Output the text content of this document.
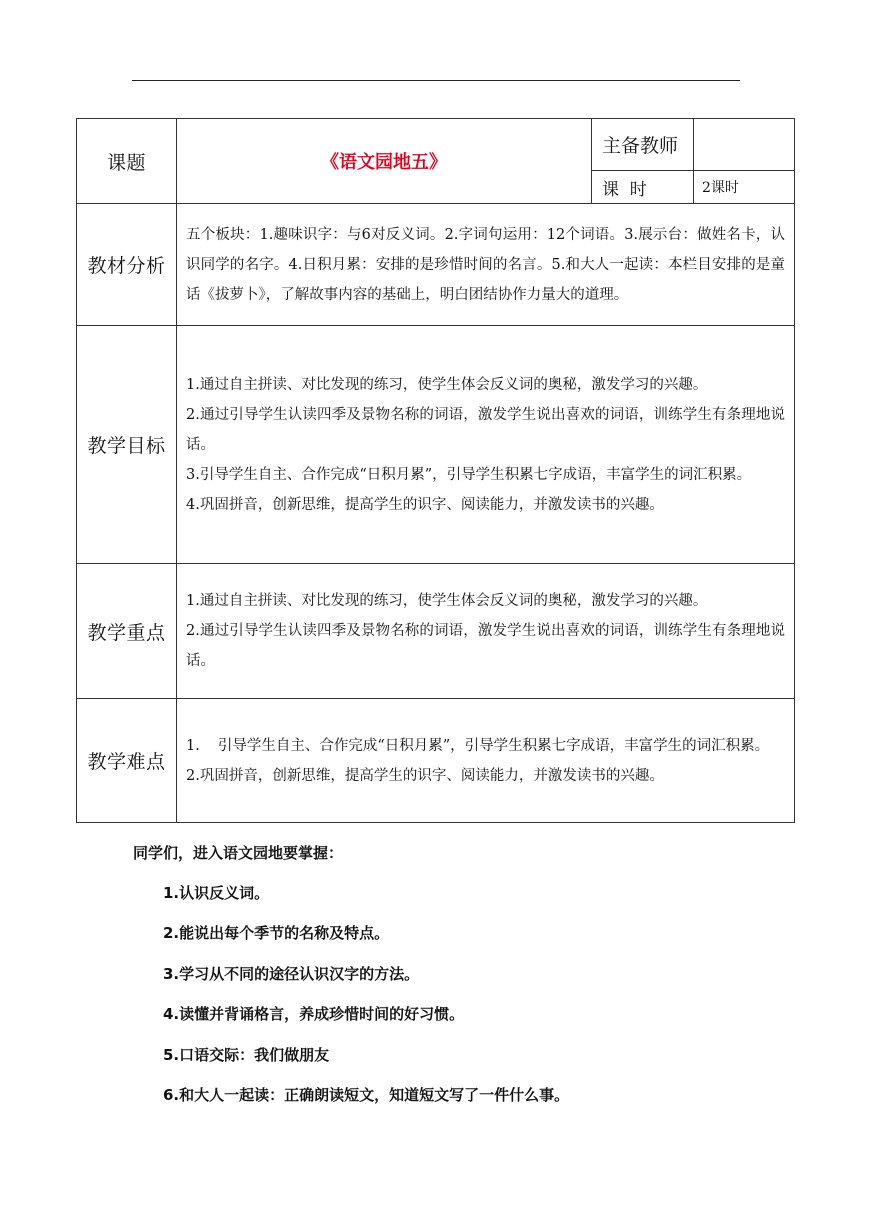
课题	《语文园地五》	主备教师	
		课  时	2课时
教材分析	五个板块：1.趣味识字：与6对反义词。2.字词句运用：12个词语。3.展示台：做姓名卡，认识同学的名字。4.日积月累：安排的是珍惜时间的名言。5.和大人一起读：本栏目安排的是童话《拔萝卜》，了解故事内容的基础上，明白团结协作力量大的道理。		
教学目标	1.通过自主拼读、对比发现的练习，使学生体会反义词的奥秘，激发学习的兴趣。

2.通过引导学生认读四季及景物名称的词语，激发学生说出喜欢的词语，训练学生有条理地说话。

3.引导学生自主、合作完成“日积月累”，引导学生积累七字成语，丰富学生的词汇积累。

4.巩固拼音，创新思维，提高学生的识字、阅读能力，并激发读书的兴趣。		

教学重点	1.通过自主拼读、对比发现的练习，使学生体会反义词的奥秘，激发学习的兴趣。

2.通过引导学生认读四季及景物名称的词语，激发学生说出喜欢的词语，训练学生有条理地说话。		

教学难点	1. 引导学生自主、合作完成“日积月累”，引导学生积累七字成语，丰富学生的词汇积累。

2.巩固拼音，创新思维，提高学生的识字、阅读能力，并激发读书的兴趣。		

同学们，进入语文园地要掌握：

1.认识反义词。

2.能说出每个季节的名称及特点。

3.学习从不同的途径认识汉字的方法。

4.读懂并背诵格言，养成珍惜时间的好习惯。

5.口语交际：我们做朋友

6.和大人一起读：正确朗读短文，知道短文写了一件什么事。
